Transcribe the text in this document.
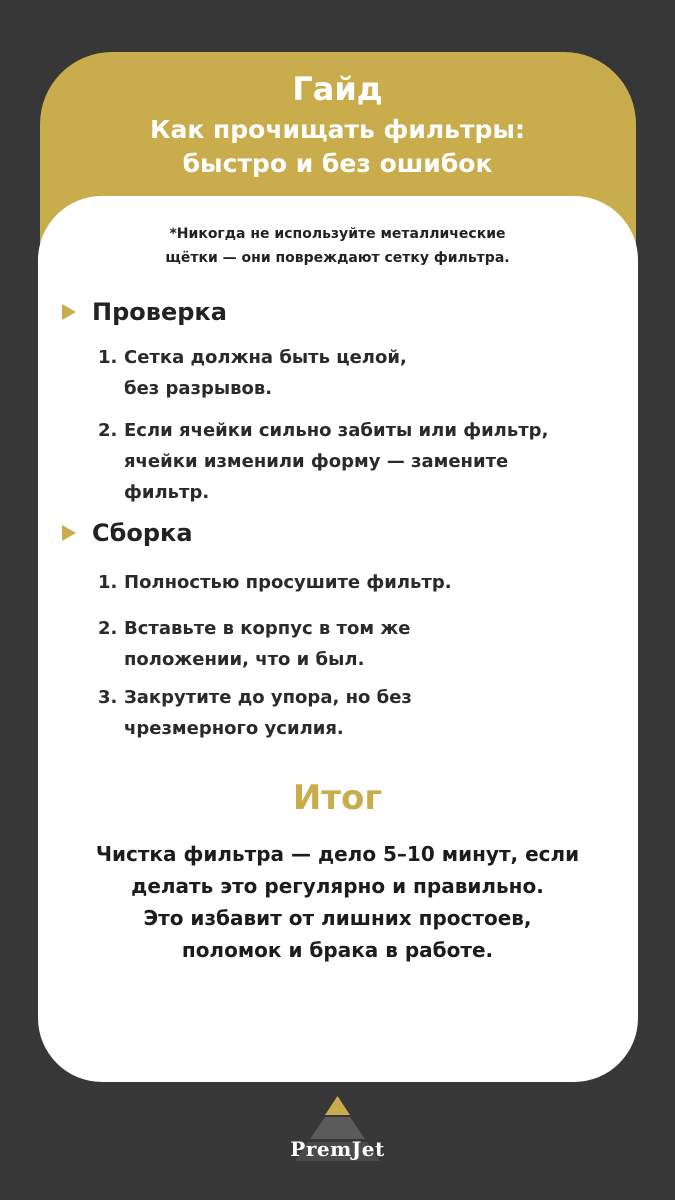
Гайд
Как прочищать фильтры:
быстро и без ошибок
*Никогда не используйте металлические
щётки — они повреждают сетку фильтра.
Проверка
1. Сетка должна быть целой,
без разрывов.
2. Если ячейки сильно забиты или фильтр,
ячейки изменили форму — замените
фильтр.
Сборка
1. Полностью просушите фильтр.
2. Вставьте в корпус в том же
положении, что и был.
3. Закрутите до упора, но без
чрезмерного усилия.
Итог
Чистка фильтра — дело 5–10 минут, если
делать это регулярно и правильно.
Это избавит от лишних простоев,
поломок и брака в работе.
PremJet
